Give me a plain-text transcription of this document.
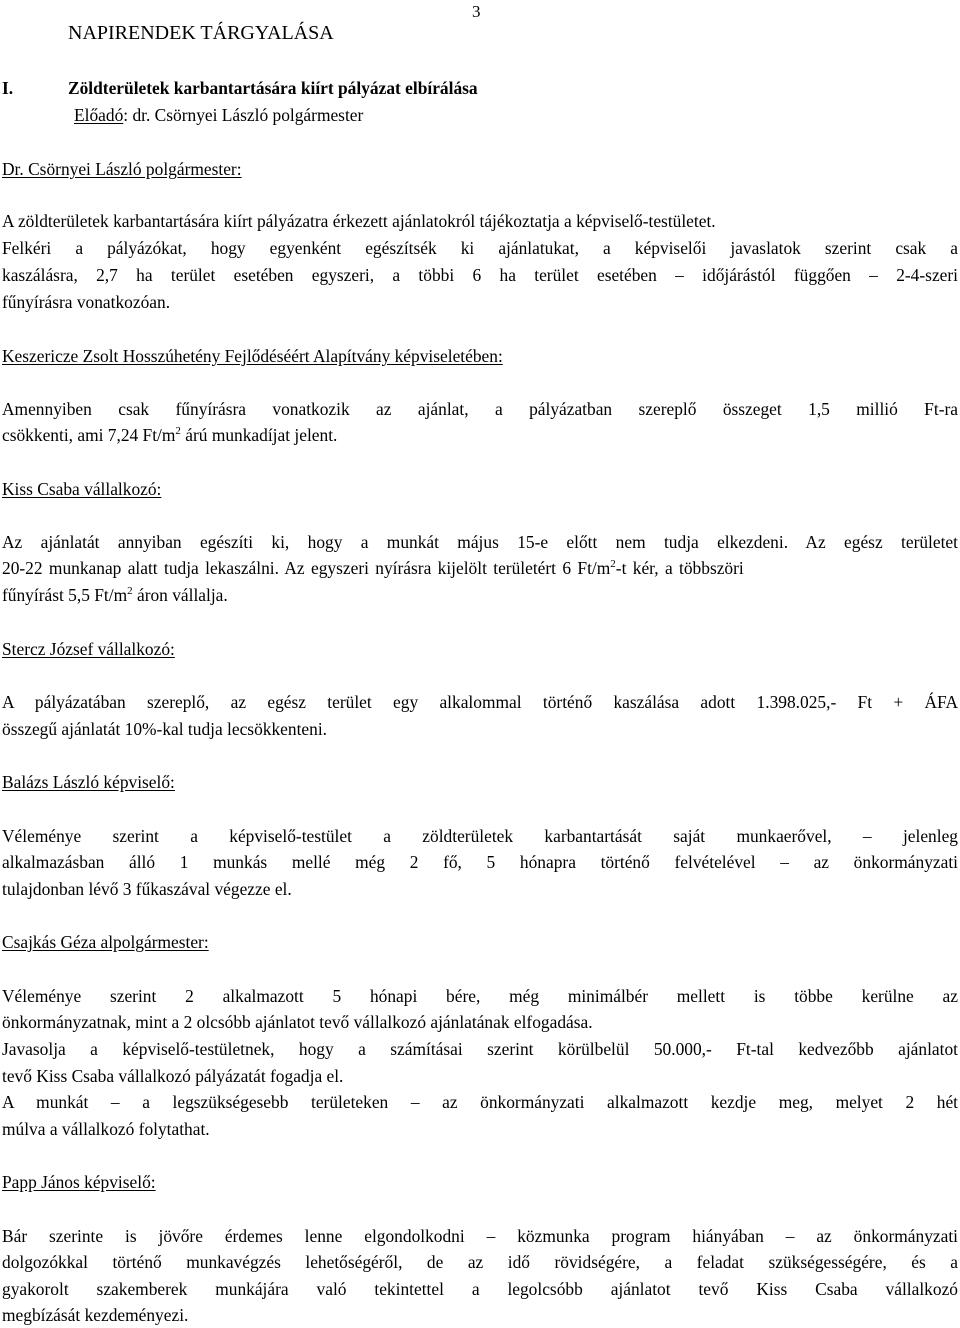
3
NAPIRENDEK TÁRGYALÁSA
I.	Zöldterületek karbantartására kiírt pályázat elbírálása
Előadó: dr. Csörnyei László polgármester
Dr. Csörnyei László polgármester:
A zöldterületek karbantartására kiírt pályázatra érkezett ajánlatokról tájékoztatja a képviselő-testületet.
Felkéri a pályázókat, hogy egyenként egészítsék ki ajánlatukat, a képviselői javaslatok szerint csak a
kaszálásra, 2,7 ha terület esetében egyszeri, a többi 6 ha terület esetében – időjárástól függően – 2-4-szeri
fűnyírásra vonatkozóan.
Keszericze Zsolt Hosszúhetény Fejlődéséért Alapítvány képviseletében:
Amennyiben csak fűnyírásra vonatkozik az ajánlat, a pályázatban szereplő összeget 1,5 millió Ft-ra
csökkenti, ami 7,24 $Ft/m^2$ árú munkadíjat jelent.
Kiss Csaba vállalkozó:
Az ajánlatát annyiban egészíti ki, hogy a munkát május 15-e előtt nem tudja elkezdeni. Az egész területet
20-22 munkanap alatt tudja lekaszálni. Az egyszeri nyírásra kijelölt területért 6 $Ft/m^2-t$ kér, a többszöri
fűnyírást 5,5 $Ft/m^2$ áron vállalja.
Stercz József vállalkozó:
A pályázatában szereplő, az egész terület egy alkalommal történő kaszálása adott 1.398.025,- Ft + ÁFA
összegű ajánlatát 10%-kal tudja lecsökkenteni.
Balázs László képviselő:
Véleménye szerint a képviselő-testület a zöldterületek karbantartását saját munkaerővel, – jelenleg
alkalmazásban álló 1 munkás mellé még 2 fő, 5 hónapra történő felvételével – az önkormányzati
tulajdonban lévő 3 fűkaszával végezze el.
Csajkás Géza alpolgármester:
Véleménye szerint 2 alkalmazott 5 hónapi bére, még minimálbér mellett is többe kerülne az
önkormányzatnak, mint a 2 olcsóbb ajánlatot tevő vállalkozó ajánlatának elfogadása.
Javasolja a képviselő-testületnek, hogy a számításai szerint körülbelül 50.000,- Ft-tal kedvezőbb ajánlatot
tevő Kiss Csaba vállalkozó pályázatát fogadja el.
A munkát – a legszükségesebb területeken – az önkormányzati alkalmazott kezdje meg, melyet 2 hét
múlva a vállalkozó folytathat.
Papp János képviselő:
Bár szerinte is jövőre érdemes lenne elgondolkodni – közmunka program hiányában – az önkormányzati
dolgozókkal történő munkavégzés lehetőségéről, de az idő rövidségére, a feladat szükségességére, és a
gyakorolt szakemberek munkájára való tekintettel a legolcsóbb ajánlatot tevő Kiss Csaba vállalkozó
megbízását kezdeményezi.
